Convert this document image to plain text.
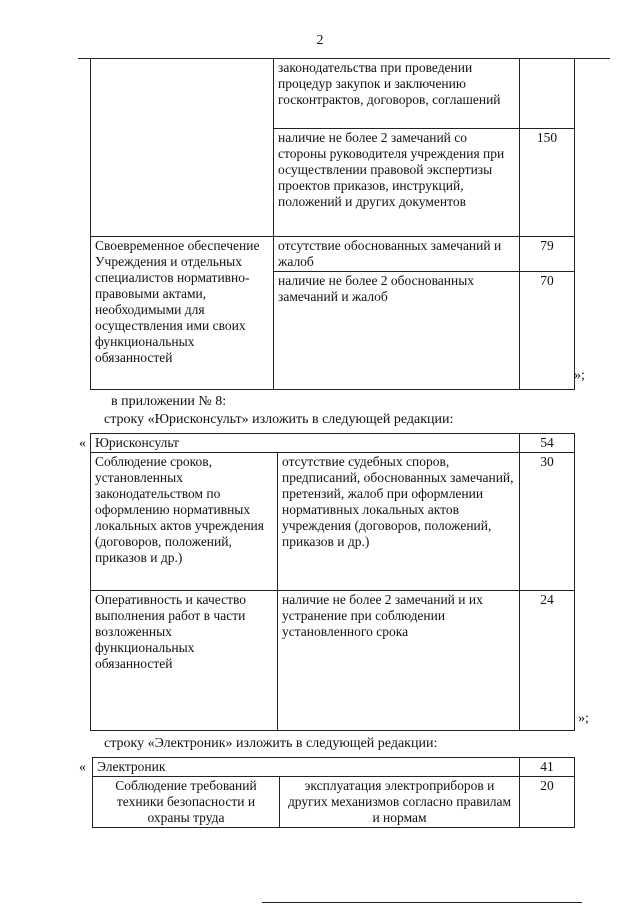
2
	законодательства при проведении процедур закупок и заключению госконтрактов, договоров, соглашений	
	наличие не более 2 замечаний со стороны руководителя учреждения при осуществлении правовой экспертизы проектов приказов, инструкций, положений и других документов	150
Своевременное обеспечение Учреждения и отдельных специалистов нормативно-правовыми актами, необходимыми для осуществления ими своих функциональных обязанностей	отсутствие обоснованных замечаний и жалоб	79
	наличие не более 2 обоснованных замечаний и жалоб	70
»;
в приложении № 8:
строку «Юрисконсульт» изложить в следующей редакции:
« Юрисконсульт		54
Соблюдение сроков, установленных законодательством по оформлению нормативных локальных актов учреждения (договоров, положений, приказов и др.)	отсутствие судебных споров, предписаний, обоснованных замечаний, претензий, жалоб при оформлении нормативных локальных актов учреждения (договоров, положений, приказов и др.)	30
Оперативность и качество выполнения работ в части возложенных функциональных обязанностей	наличие не более 2 замечаний и их устранение при соблюдении установленного срока	24
»;
строку «Электроник» изложить в следующей редакции:
« Электроник		41
Соблюдение требований техники безопасности и охраны труда	эксплуатация электроприборов и других механизмов согласно правилам и нормам	20
